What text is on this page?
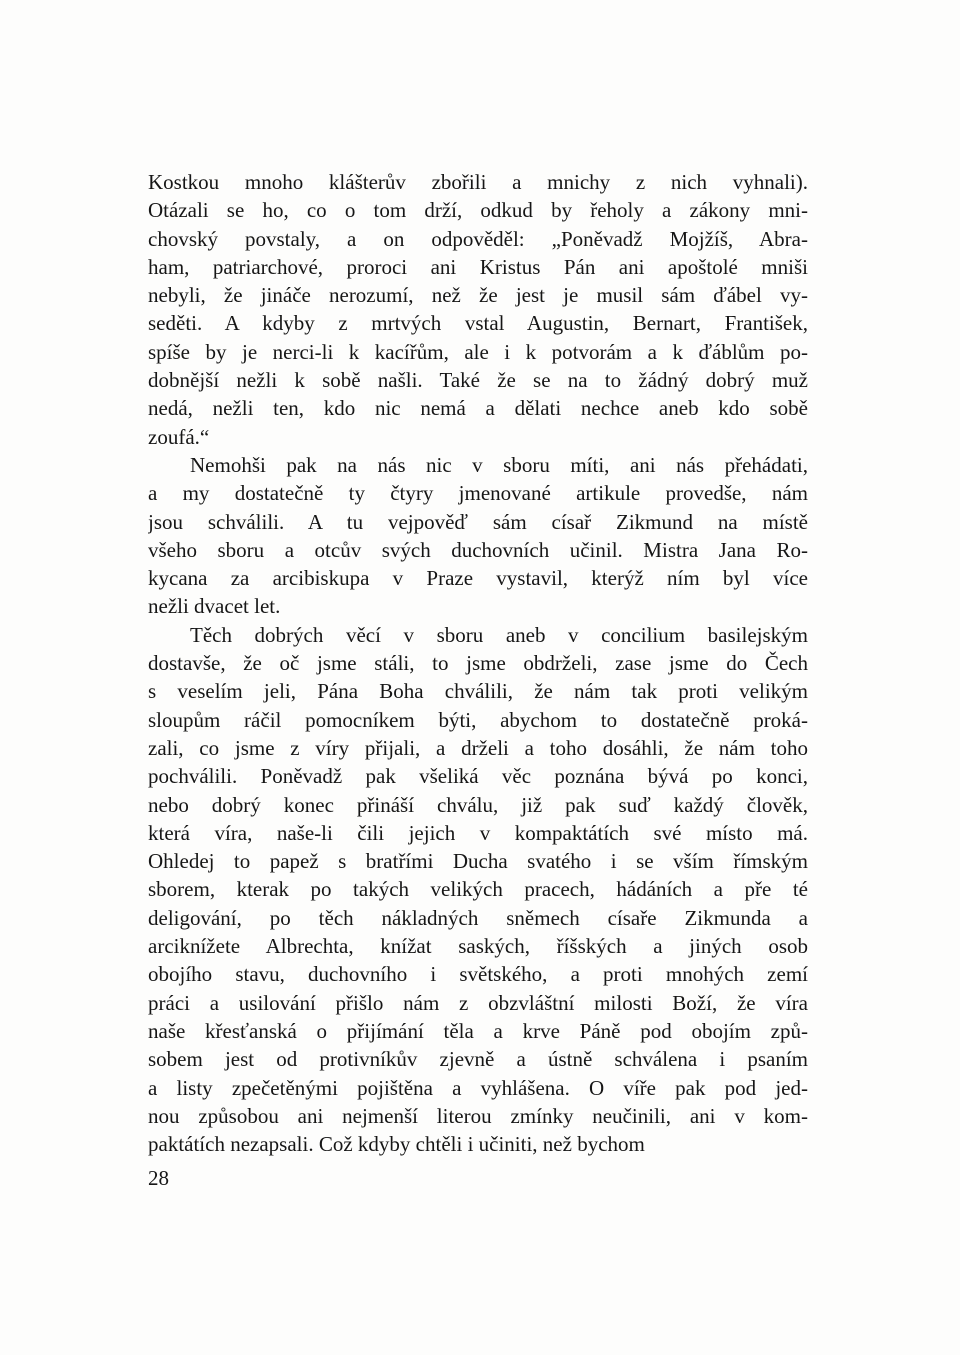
Kostkou mnoho klášterův zbořili a mnichy z nich vyhnali).
Otázali se ho, co o tom drží, odkud by řeholy a zákony mni-
chovský povstaly, a on odpověděl: „Poněvadž Mojžíš, Abra-
ham, patriarchové, proroci ani Kristus Pán ani apoštolé mniši
nebyli, že jináče nerozumí, než že jest je musil sám ďábel vy-
seděti. A kdyby z mrtvých vstal Augustin, Bernart, František,
spíše by je nerci-li k kacířům, ale i k potvorám a k ďáblům po-
dobnější nežli k sobě našli. Také že se na to žádný dobrý muž
nedá, nežli ten, kdo nic nemá a dělati nechce aneb kdo sobě
zoufá.“
Nemohši pak na nás nic v sboru míti, ani nás přehádati,
a my dostatečně ty čtyry jmenované artikule provedše, nám
jsou schválili. A tu vejpověď sám císař Zikmund na místě
všeho sboru a otcův svých duchovních učinil. Mistra Jana Ro-
kycana za arcibiskupa v Praze vystavil, kterýž ním byl více
nežli dvacet let.
Těch dobrých věcí v sboru aneb v concilium basilejským
dostavše, že oč jsme stáli, to jsme obdrželi, zase jsme do Čech
s veselím jeli, Pána Boha chválili, že nám tak proti velikým
sloupům ráčil pomocníkem býti, abychom to dostatečně proká-
zali, co jsme z víry přijali, a drželi a toho dosáhli, že nám toho
pochválili. Poněvadž pak všeliká věc poznána bývá po konci,
nebo dobrý konec přináší chválu, již pak suď každý člověk,
která víra, naše-li čili jejich v kompaktátích své místo má.
Ohledej to papež s bratřími Ducha svatého i se vším římským
sborem, kterak po takých velikých pracech, hádáních a pře té
deligování, po těch nákladných sněmech císaře Zikmunda a
arciknížete Albrechta, knížat saských, říšských a jiných osob
obojího stavu, duchovního i světského, a proti mnohých zemí
práci a usilování přišlo nám z obzvláštní milosti Boží, že víra
naše křesťanská o přijímání těla a krve Páně pod obojím způ-
sobem jest od protivníkův zjevně a ústně schválena i psaním
a listy zpečetěnými pojištěna a vyhlášena. O víře pak pod jed-
nou způsobou ani nejmenší literou zmínky neučinili, ani v kom-
paktátích nezapsali. Což kdyby chtěli i učiniti, než bychom
28
